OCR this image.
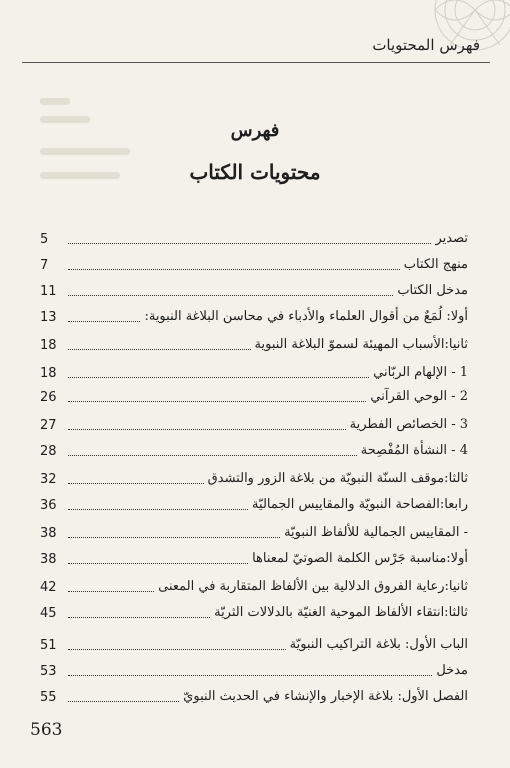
فهرس المحتويات
فهرس
محتويات الكتاب
5	تصدير
7	منهج الكتاب
11	مدخل الكتاب
13	أولا: لُمَعٌ من أقوال العلماء والأدباء في محاسن البلاغة النبوية:
18	ثانيا:الأسباب المهيئة لسموّ البلاغة النبوية
18	1 - الإلهام الربّاني
26	2 - الوحي القرآني
27	3 - الخصائص الفطرية
28	4 - النشأة المُفْصِحة
32	ثالثا:موقف السنّة النبويّة من بلاغة الزور والتشدق
36	رابعا:الفصاحة النبويّة والمقاييس الجماليّة
38	- المقاييس الجمالية للألفاظ النبويّة
38	أولا:مناسبة جَرْس الكلمة الصوتيّ لمعناها
42	ثانيا:رعاية الفروق الدلالية بين الألفاظ المتقاربة في المعنى
45	ثالثا:انتقاء الألفاظ الموحية الغنيّة بالدلالات الثريّة
51	الباب الأول: بلاغة التراكيب النبويّة
53	مدخل
55	الفصل الأول: بلاغة الإخبار والإنشاء في الحديث النبويّ
563
